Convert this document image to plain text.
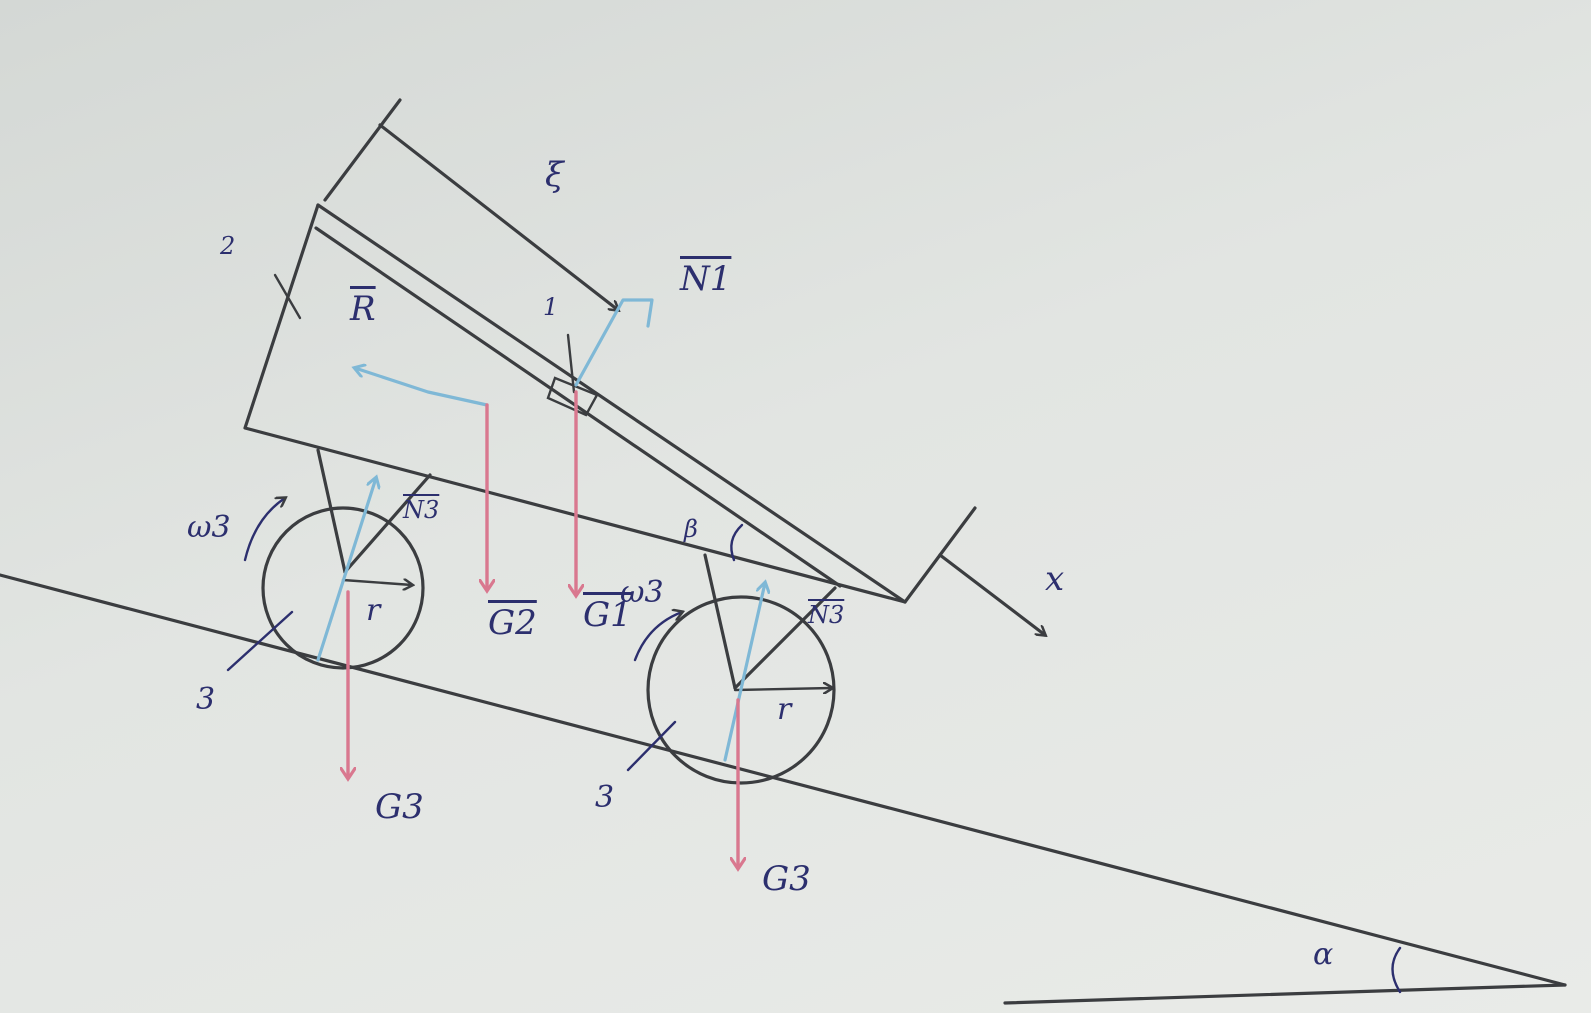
ξ
x
N1
$\overline{R}$
G1
G2
G3
G3
N3
N3
ω3
ω3
r
r
β
α
1
2
3
3
